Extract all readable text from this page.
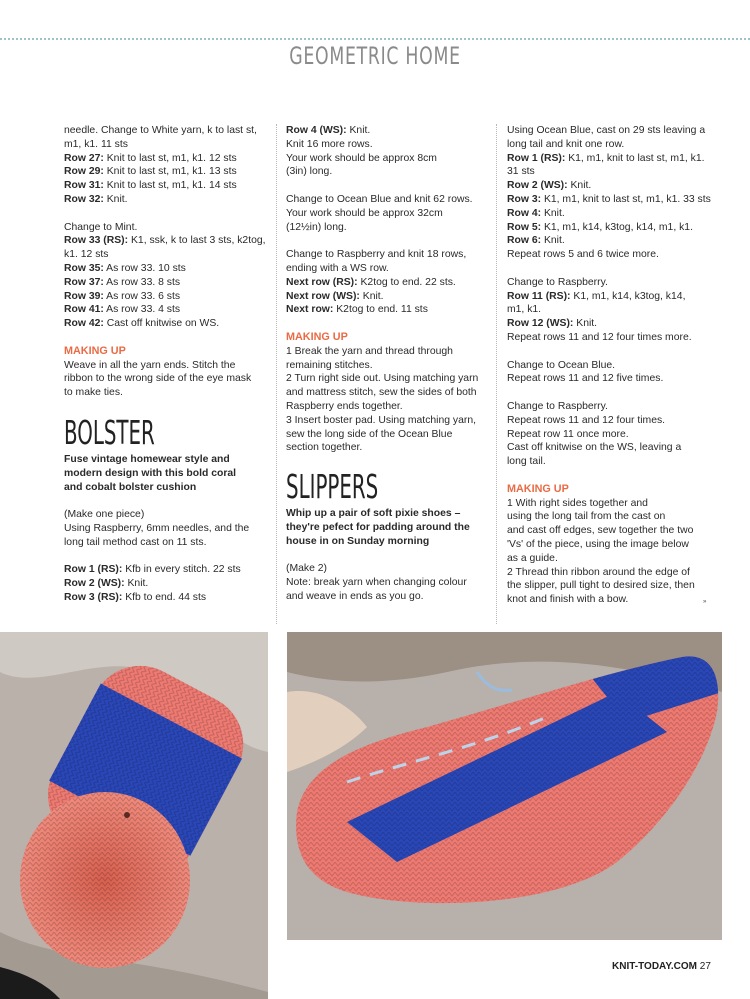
GEOMETRIC HOME
needle. Change to White yarn, k to last st,
m1, k1. 11 sts
Row 27: Knit to last st, m1, k1. 12 sts
Row 29: Knit to last st, m1, k1. 13 sts
Row 31: Knit to last st, m1, k1. 14 sts
Row 32: Knit.
Change to Mint.
Row 33 (RS): K1, ssk, k to last 3 sts, k2tog,
k1. 12 sts
Row 35: As row 33. 10 sts
Row 37: As row 33. 8 sts
Row 39: As row 33. 6 sts
Row 41: As row 33. 4 sts
Row 42: Cast off knitwise on WS.
MAKING UP
Weave in all the yarn ends. Stitch the
ribbon to the wrong side of the eye mask
to make ties.
BOLSTER
Fuse vintage homewear style and
modern design with this bold coral
and cobalt bolster cushion
(Make one piece)
Using Raspberry, 6mm needles, and the
long tail method cast on 11 sts.
Row 1 (RS): Kfb in every stitch. 22 sts
Row 2 (WS): Knit.
Row 3 (RS): Kfb to end. 44 sts
Row 4 (WS): Knit.
Knit 16 more rows.
Your work should be approx 8cm
(3in) long.
Change to Ocean Blue and knit 62 rows.
Your work should be approx 32cm
(12½in) long.
Change to Raspberry and knit 18 rows,
ending with a WS row.
Next row (RS): K2tog to end. 22 sts.
Next row (WS): Knit.
Next row: K2tog to end. 11 sts
MAKING UP
1 Break the yarn and thread through
remaining stitches.
2 Turn right side out. Using matching yarn
and mattress stitch, sew the sides of both
Raspberry ends together.
3 Insert boster pad. Using matching yarn,
sew the long side of the Ocean Blue
section together.
SLIPPERS
Whip up a pair of soft pixie shoes –
they're pefect for padding around the
house in on Sunday morning
(Make 2)
Note: break yarn when changing colour
and weave in ends as you go.
Using Ocean Blue, cast on 29 sts leaving a
long tail and knit one row.
Row 1 (RS): K1, m1, knit to last st, m1, k1.
31 sts
Row 2 (WS): Knit.
Row 3: K1, m1, knit to last st, m1, k1. 33 sts
Row 4: Knit.
Row 5: K1, m1, k14, k3tog, k14, m1, k1.
Row 6: Knit.
Repeat rows 5 and 6 twice more.
Change to Raspberry.
Row 11 (RS): K1, m1, k14, k3tog, k14,
m1, k1.
Row 12 (WS): Knit.
Repeat rows 11 and 12 four times more.
Change to Ocean Blue.
Repeat rows 11 and 12 five times.
Change to Raspberry.
Repeat rows 11 and 12 four times.
Repeat row 11 once more.
Cast off knitwise on the WS, leaving a
long tail.
MAKING UP
1 With right sides together and
using the long tail from the cast on
and cast off edges, sew together the two
'Vs' of the piece, using the image below
as a guide.
2 Thread thin ribbon around the edge of
the slipper, pull tight to desired size, then
knot and finish with a bow.	»
KNIT-TODAY.COM 27
